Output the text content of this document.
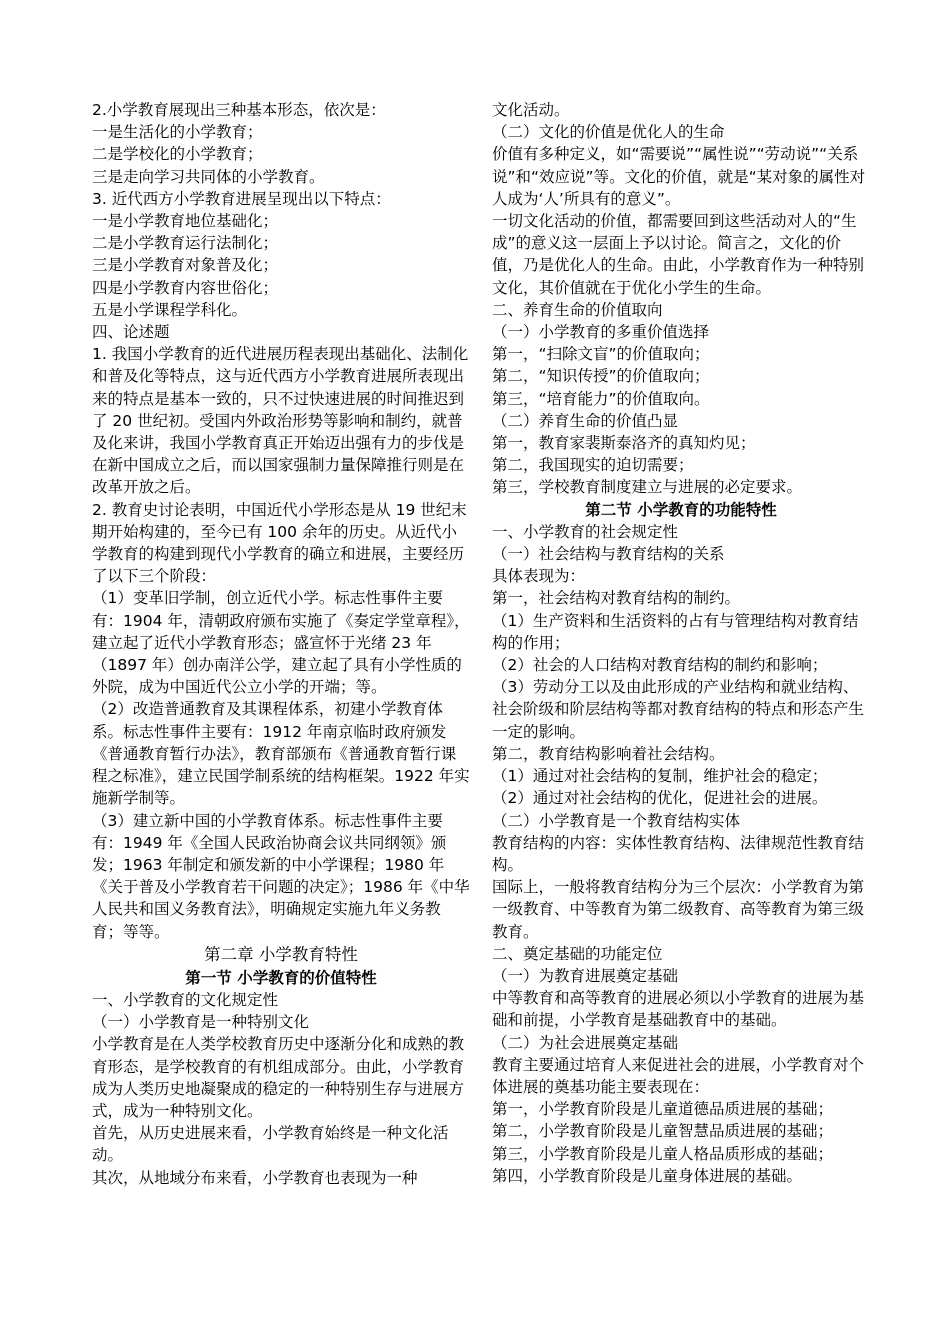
2.小学教育展现出三种基本形态，依次是：
一是生活化的小学教育；
二是学校化的小学教育；
三是走向学习共同体的小学教育。
3. 近代西方小学教育进展呈现出以下特点：
一是小学教育地位基础化；
二是小学教育运行法制化；
三是小学教育对象普及化；
四是小学教育内容世俗化；
五是小学课程学科化。
四、论述题
1. 我国小学教育的近代进展历程表现出基础化、法制化和普及化等特点，这与近代西方小学教育进展所表现出来的特点是基本一致的，只不过快速进展的时间推迟到了 20 世纪初。受国内外政治形势等影响和制约，就普及化来讲，我国小学教育真正开始迈出强有力的步伐是在新中国成立之后，而以国家强制力量保障推行则是在改革开放之后。
2. 教育史讨论表明，中国近代小学形态是从 19 世纪末期开始构建的，至今已有 100 余年的历史。从近代小学教育的构建到现代小学教育的确立和进展，主要经历了以下三个阶段：
（1）变革旧学制，创立近代小学。标志性事件主要有：1904 年，清朝政府颁布实施了《奏定学堂章程》，建立起了近代小学教育形态；盛宣怀于光绪 23 年（1897 年）创办南洋公学，建立起了具有小学性质的外院，成为中国近代公立小学的开端；等。
（2）改造普通教育及其课程体系，初建小学教育体系。标志性事件主要有：1912 年南京临时政府颁发《普通教育暂行办法》，教育部颁布《普通教育暂行课程之标准》，建立民国学制系统的结构框架。1922 年实施新学制等。
（3）建立新中国的小学教育体系。标志性事件主要有：1949 年《全国人民政治协商会议共同纲领》颁发；1963 年制定和颁发新的中小学课程；1980 年《关于普及小学教育若干问题的决定》；1986 年《中华人民共和国义务教育法》，明确规定实施九年义务教育；等等。
第二章 小学教育特性
第一节 小学教育的价值特性
一、小学教育的文化规定性
（一）小学教育是一种特别文化
小学教育是在人类学校教育历史中逐渐分化和成熟的教育形态，是学校教育的有机组成部分。由此，小学教育成为人类历史地凝聚成的稳定的一种特别生存与进展方式，成为一种特别文化。
首先，从历史进展来看，小学教育始终是一种文化活动。
其次，从地域分布来看，小学教育也表现为一种
文化活动。
（二）文化的价值是优化人的生命
价值有多种定义，如“需要说”“属性说”“劳动说”“关系说”和“效应说”等。文化的价值，就是“某对象的属性对人成为‘人’所具有的意义”。
一切文化活动的价值，都需要回到这些活动对人的“生成”的意义这一层面上予以讨论。简言之，文化的价值，乃是优化人的生命。由此，小学教育作为一种特别文化，其价值就在于优化小学生的生命。
二、养育生命的价值取向
（一）小学教育的多重价值选择
第一，“扫除文盲”的价值取向；
第二，“知识传授”的价值取向；
第三，“培育能力”的价值取向。
（二）养育生命的价值凸显
第一，教育家裴斯泰洛齐的真知灼见；
第二，我国现实的迫切需要；
第三，学校教育制度建立与进展的必定要求。
第二节 小学教育的功能特性
一、小学教育的社会规定性
（一）社会结构与教育结构的关系
具体表现为：
第一，社会结构对教育结构的制约。
（1）生产资料和生活资料的占有与管理结构对教育结构的作用；
（2）社会的人口结构对教育结构的制约和影响；
（3）劳动分工以及由此形成的产业结构和就业结构、社会阶级和阶层结构等都对教育结构的特点和形态产生一定的影响。
第二，教育结构影响着社会结构。
（1）通过对社会结构的复制，维护社会的稳定；
（2）通过对社会结构的优化，促进社会的进展。
（二）小学教育是一个教育结构实体
教育结构的内容：实体性教育结构、法律规范性教育结构。
国际上，一般将教育结构分为三个层次：小学教育为第一级教育、中等教育为第二级教育、高等教育为第三级教育。
二、奠定基础的功能定位
（一）为教育进展奠定基础
中等教育和高等教育的进展必须以小学教育的进展为基础和前提，小学教育是基础教育中的基础。
（二）为社会进展奠定基础
教育主要通过培育人来促进社会的进展，小学教育对个体进展的奠基功能主要表现在：
第一，小学教育阶段是儿童道德品质进展的基础；
第二，小学教育阶段是儿童智慧品质进展的基础；
第三，小学教育阶段是儿童人格品质形成的基础；
第四，小学教育阶段是儿童身体进展的基础。
